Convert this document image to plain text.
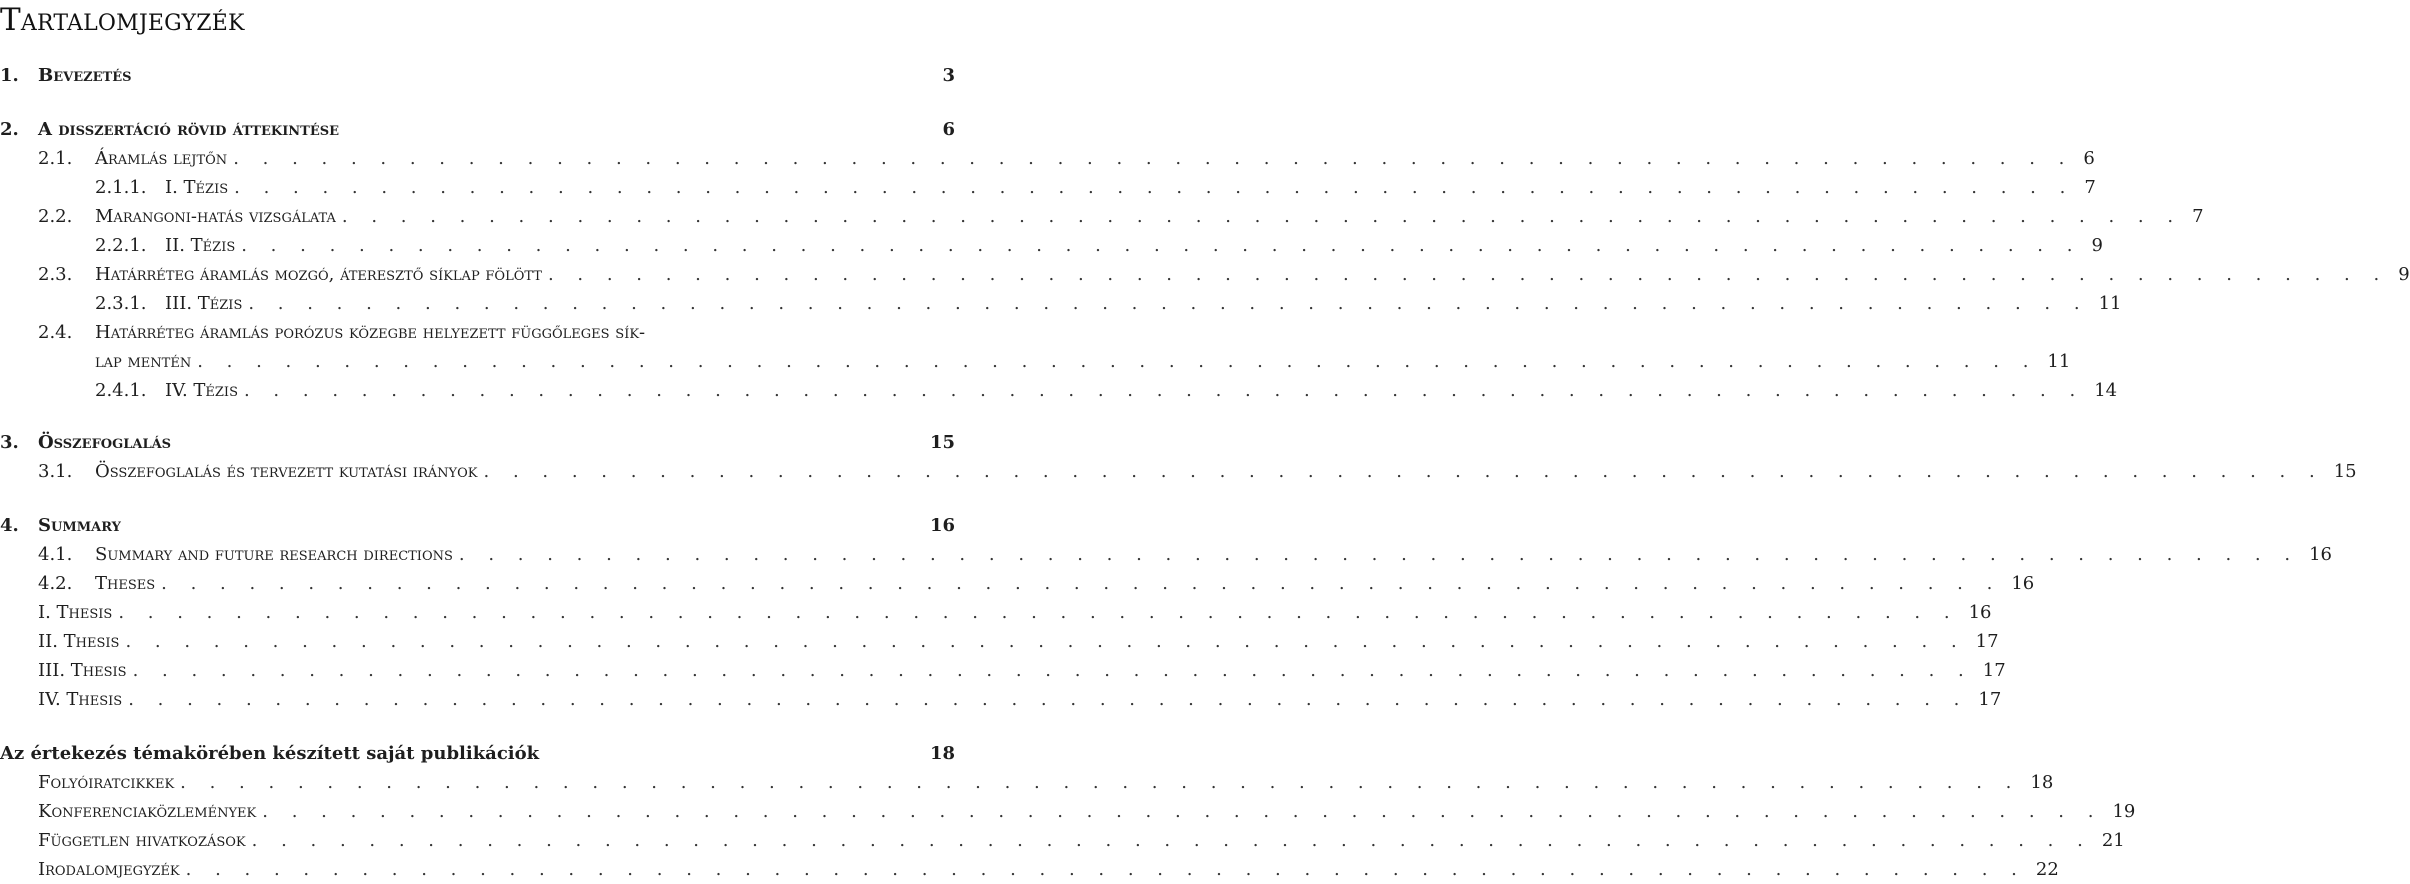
Tartalomjegyzék
1.	Bevezetés	3
2.	A disszertáció rövid áttekintése	6
2.1.	Áramlás lejtőn . . . . . . . . . . . . . . . . . . . . . . . . . . . . . . . . . . . . . . . . . . . . . . . . . . . . . . . . . . . . . . . 6
2.1.1.	I. Tézis . . . . . . . . . . . . . . . . . . . . . . . . . . . . . . . . . . . . . . . . . . . . . . . . . . . . . . . . . . . . . . . 7
2.2.	Marangoni-hatás vizsgálata . . . . . . . . . . . . . . . . . . . . . . . . . . . . . . . . . . . . . . . . . . . . . . . . . . . . . . . . . . . . . . . 7
2.2.1.	II. Tézis . . . . . . . . . . . . . . . . . . . . . . . . . . . . . . . . . . . . . . . . . . . . . . . . . . . . . . . . . . . . . . . 9
2.3.	Határréteg áramlás mozgó, áteresztő síklap fölött . . . . . . . . . . . . . . . . . . . . . . . . . . . . . . . . . . . . . . . . . . . . . . . . . . . . . . . . . . . . . . . 9
2.3.1.	III. Tézis . . . . . . . . . . . . . . . . . . . . . . . . . . . . . . . . . . . . . . . . . . . . . . . . . . . . . . . . . . . . . . . 11
2.4. Határréteg áramlás porózus közegbe helyezett függőleges sík-
lap mentén . . . . . . . . . . . . . . . . . . . . . . . . . . . . . . . . . . . . . . . . . . . . . . . . . . . . . . . . . . . . . . . 11
2.4.1.	IV. Tézis . . . . . . . . . . . . . . . . . . . . . . . . . . . . . . . . . . . . . . . . . . . . . . . . . . . . . . . . . . . . . . . 14
3.	Összefoglalás	15
3.1.	Összefoglalás és tervezett kutatási irányok . . . . . . . . . . . . . . . . . . . . . . . . . . . . . . . . . . . . . . . . . . . . . . . . . . . . . . . . . . . . . . . 15
4.	Summary	16
4.1.	Summary and future research directions . . . . . . . . . . . . . . . . . . . . . . . . . . . . . . . . . . . . . . . . . . . . . . . . . . . . . . . . . . . . . . . 16
4.2.	Theses . . . . . . . . . . . . . . . . . . . . . . . . . . . . . . . . . . . . . . . . . . . . . . . . . . . . . . . . . . . . . . . 16
I. Thesis . . . . . . . . . . . . . . . . . . . . . . . . . . . . . . . . . . . . . . . . . . . . . . . . . . . . . . . . . . . . . . . 16
II. Thesis . . . . . . . . . . . . . . . . . . . . . . . . . . . . . . . . . . . . . . . . . . . . . . . . . . . . . . . . . . . . . . . 17
III. Thesis . . . . . . . . . . . . . . . . . . . . . . . . . . . . . . . . . . . . . . . . . . . . . . . . . . . . . . . . . . . . . . . 17
IV. Thesis . . . . . . . . . . . . . . . . . . . . . . . . . . . . . . . . . . . . . . . . . . . . . . . . . . . . . . . . . . . . . . . 17
Az értekezés témakörében készített saját publikációk	18
Folyóiratcikkek . . . . . . . . . . . . . . . . . . . . . . . . . . . . . . . . . . . . . . . . . . . . . . . . . . . . . . . . . . . . . . . 18
Konferenciaközlemények . . . . . . . . . . . . . . . . . . . . . . . . . . . . . . . . . . . . . . . . . . . . . . . . . . . . . . . . . . . . . . . 19
Független hivatkozások . . . . . . . . . . . . . . . . . . . . . . . . . . . . . . . . . . . . . . . . . . . . . . . . . . . . . . . . . . . . . . . 21
Irodalomjegyzék . . . . . . . . . . . . . . . . . . . . . . . . . . . . . . . . . . . . . . . . . . . . . . . . . . . . . . . . . . . . . . . 22
